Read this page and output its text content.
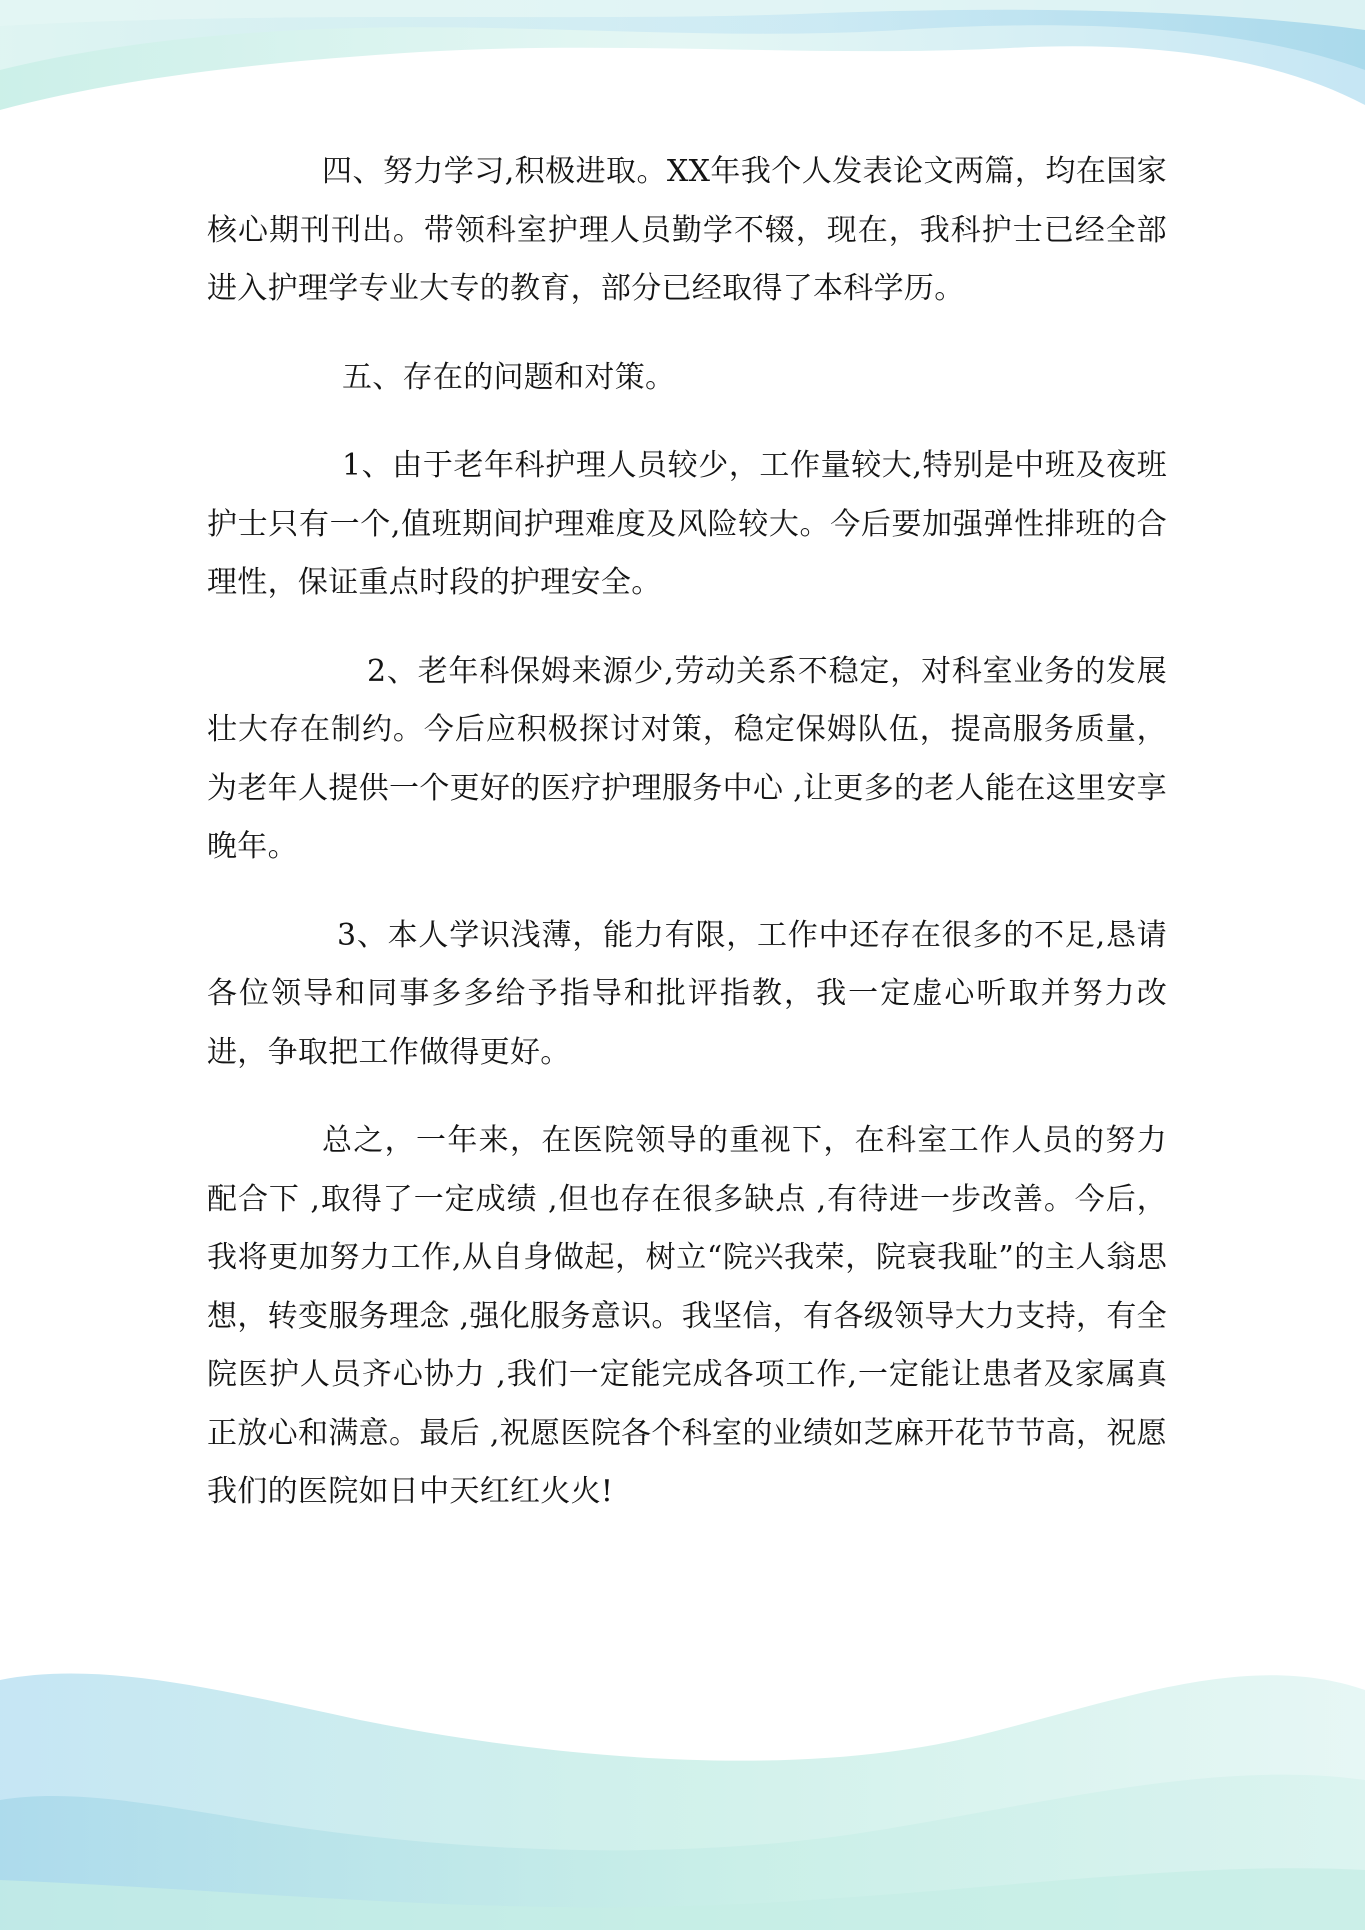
四、努力学习,积极进取。XX年我个人发表论文两篇，均在国家核心期刊刊出。带领科室护理人员勤学不辍，现在，我科护士已经全部进入护理学专业大专的教育，部分已经取得了本科学历。

五、存在的问题和对策。

1、由于老年科护理人员较少，工作量较大,特别是中班及夜班护士只有一个,值班期间护理难度及风险较大。今后要加强弹性排班的合理性，保证重点时段的护理安全。

2、老年科保姆来源少,劳动关系不稳定，对科室业务的发展壮大存在制约。今后应积极探讨对策，稳定保姆队伍，提高服务质量，为老年人提供一个更好的医疗护理服务中心 ,让更多的老人能在这里安享晚年。

3、本人学识浅薄，能力有限，工作中还存在很多的不足,恳请各位领导和同事多多给予指导和批评指教，我一定虚心听取并努力改进，争取把工作做得更好。

总之，一年来，在医院领导的重视下，在科室工作人员的努力配合下 ,取得了一定成绩 ,但也存在很多缺点 ,有待进一步改善。今后，我将更加努力工作,从自身做起，树立“院兴我荣，院衰我耻”的主人翁思想，转变服务理念 ,强化服务意识。我坚信，有各级领导大力支持，有全院医护人员齐心协力 ,我们一定能完成各项工作,一定能让患者及家属真正放心和满意。最后 ,祝愿医院各个科室的业绩如芝麻开花节节高，祝愿我们的医院如日中天红红火火!
